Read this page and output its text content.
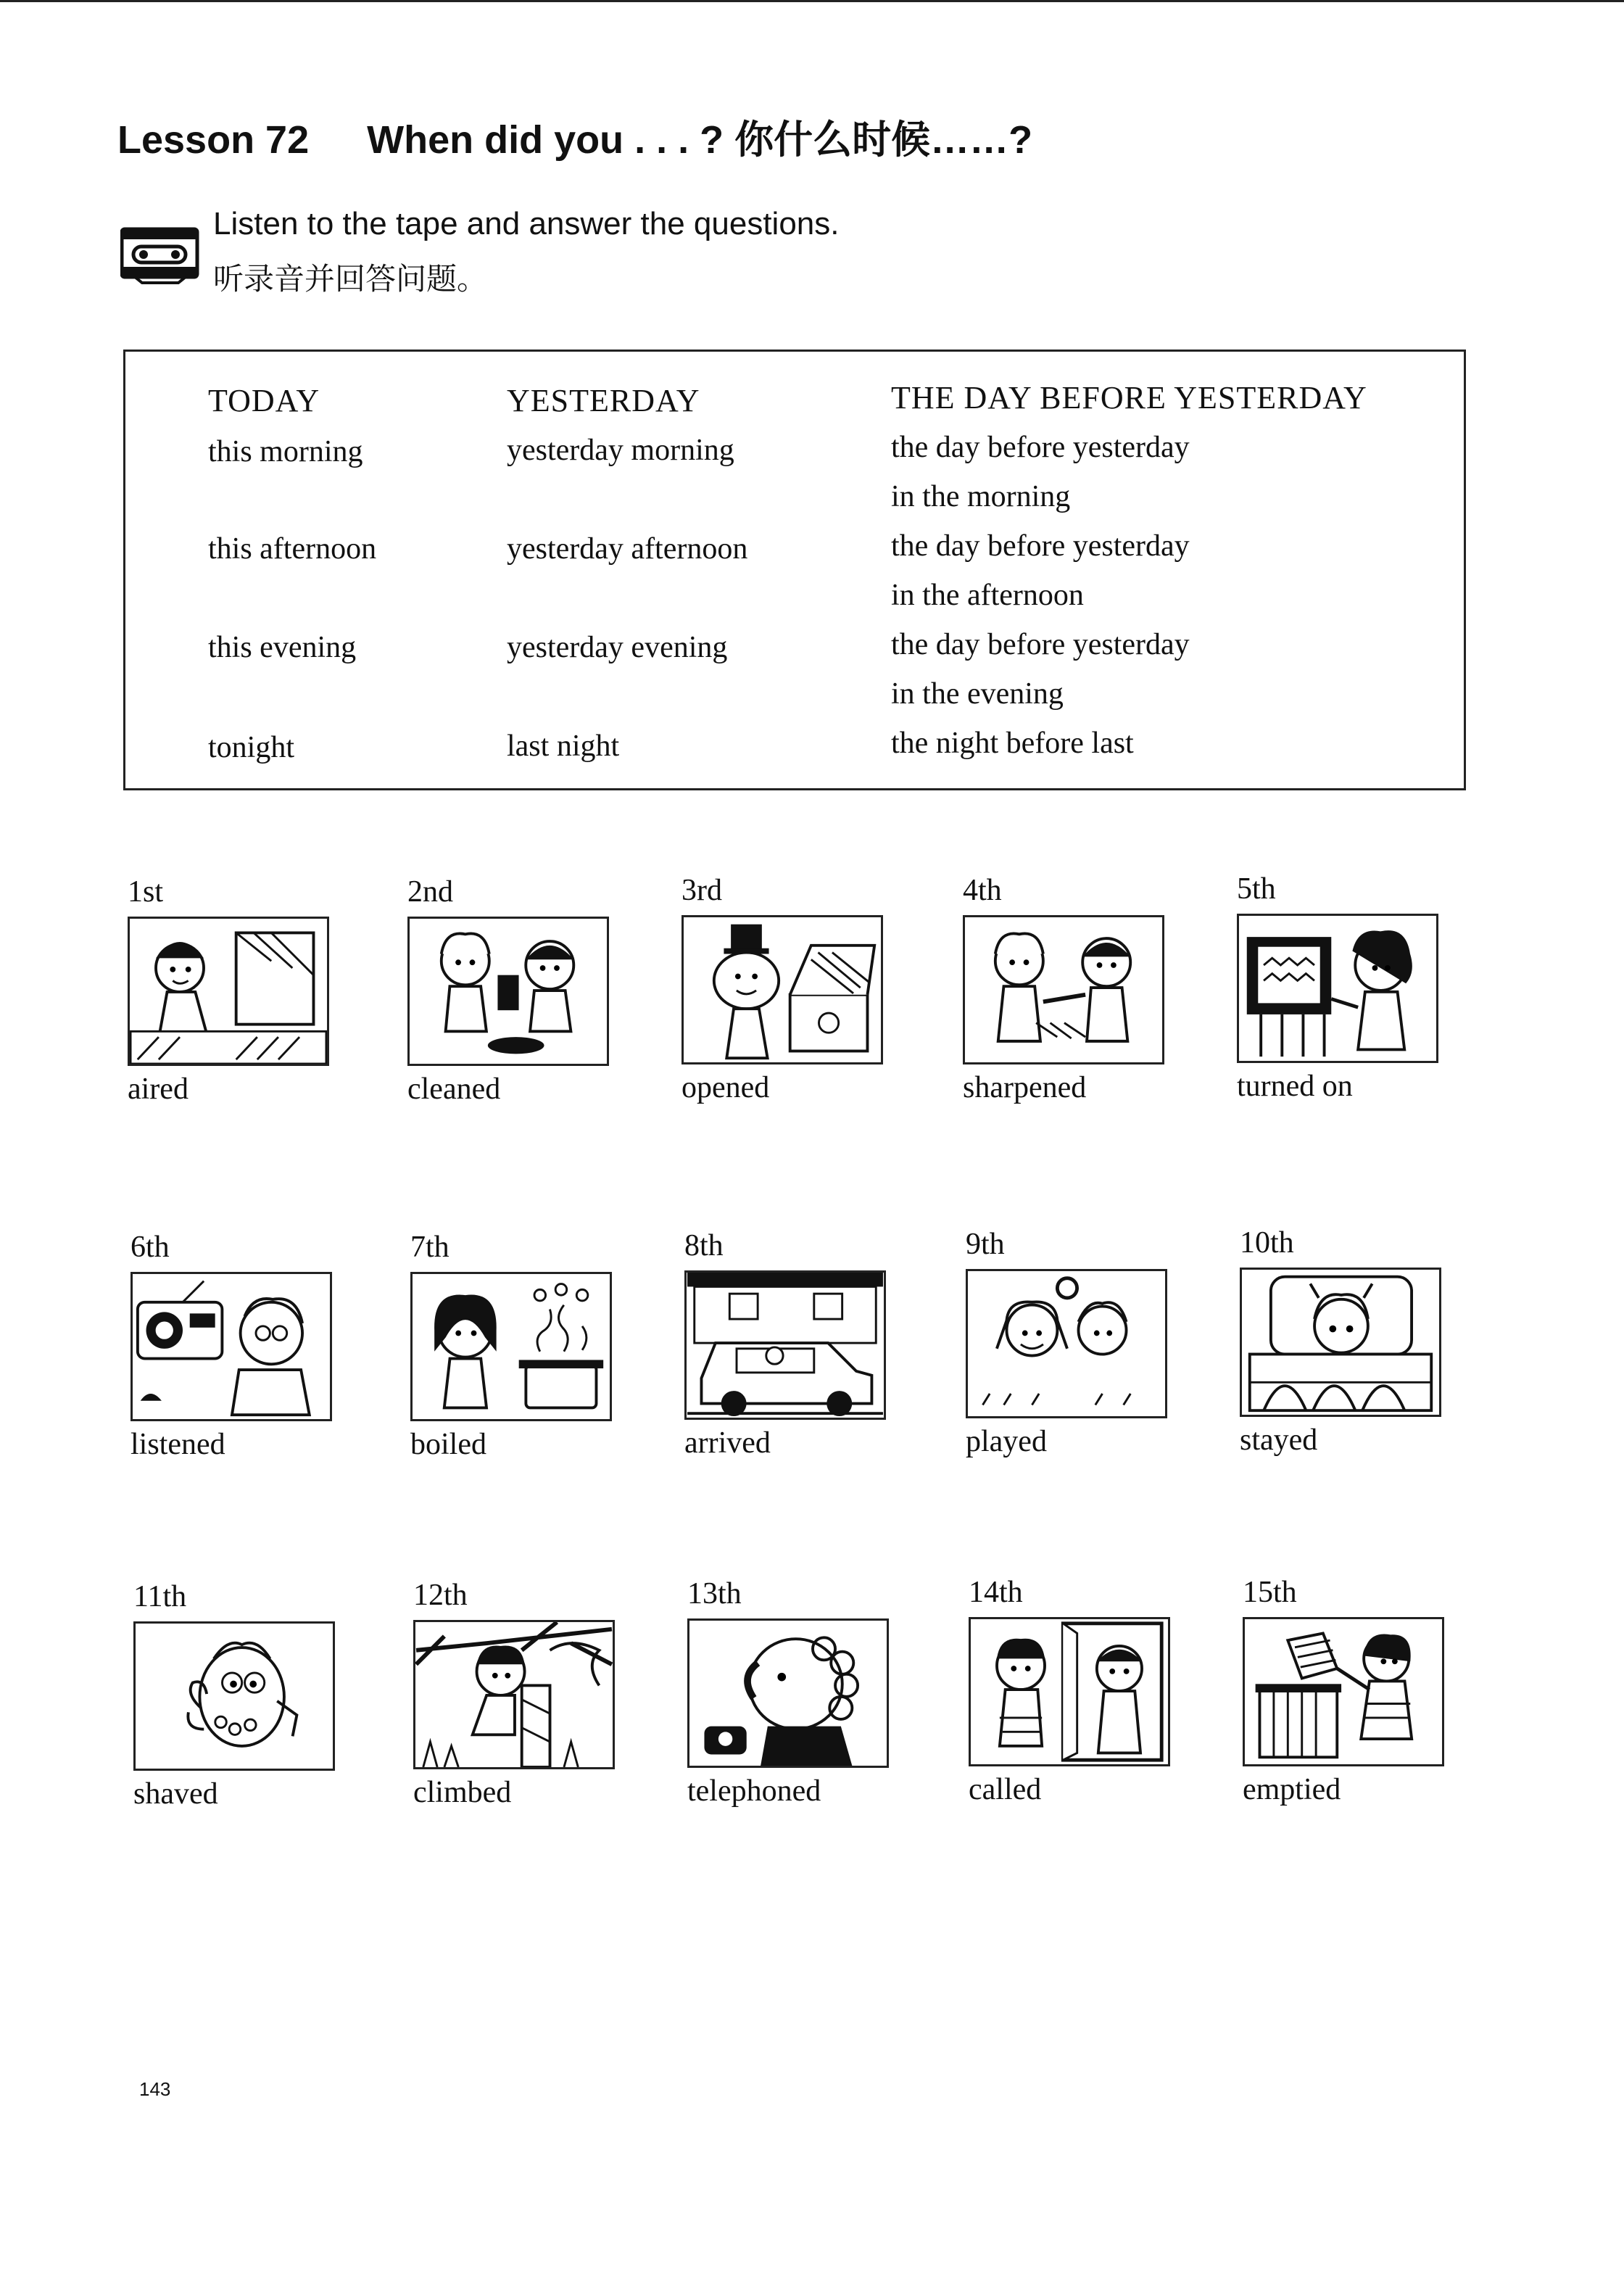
Lesson 72 When did you . . . ? 你什么时候……?
Listen to the tape and answer the questions.
听录音并回答问题。
TODAY	YESTERDAY	THE DAY BEFORE YESTERDAY
this morning	yesterday morning	the day before yesterday
in the morning
this afternoon	yesterday afternoon	the day before yesterday
in the afternoon
this evening	yesterday evening	the day before yesterday
in the evening
tonight	last night	the night before last
1st
aired
2nd
cleaned
3rd
opened
4th
sharpened
5th
turned on
6th
listened
7th
boiled
8th
arrived
9th
played
10th
stayed
11th
shaved
12th
climbed
13th
telephoned
14th
called
15th
emptied
143
